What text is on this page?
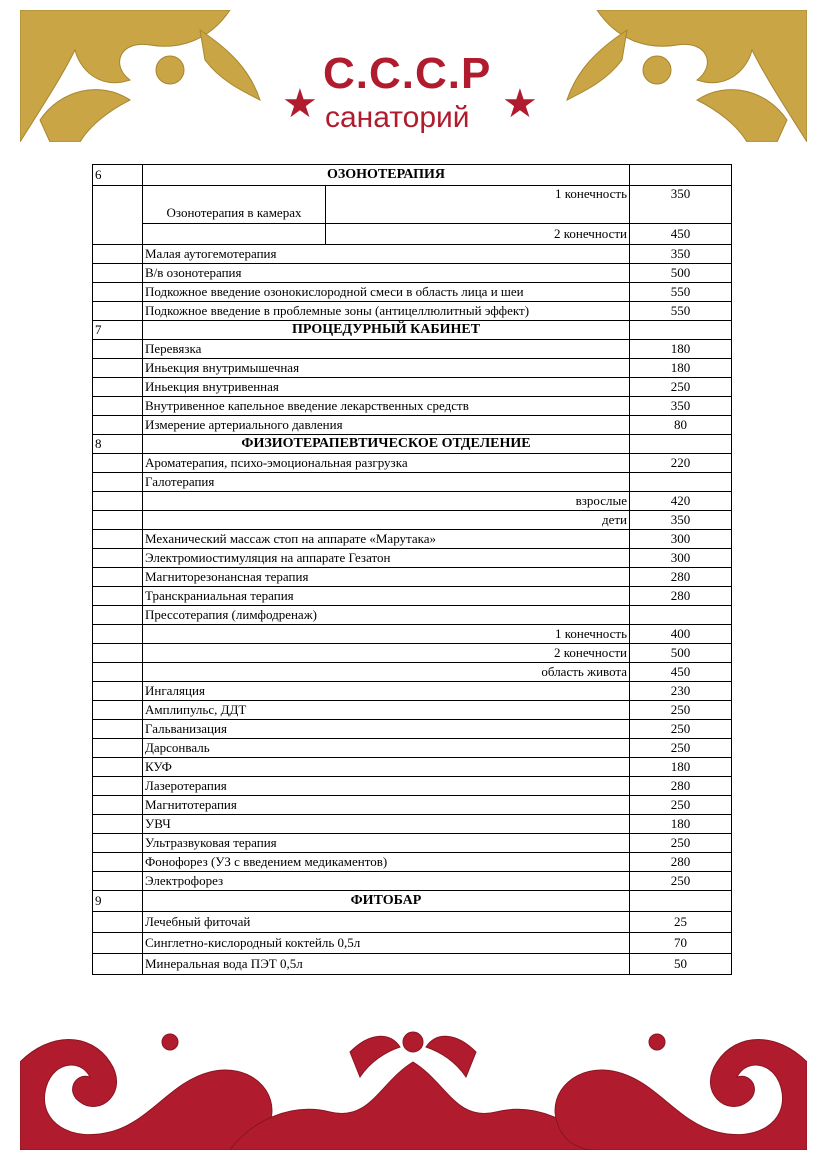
★
С.С.С.Р
★
санаторий
6	ОЗОНОТЕРАПИЯ		
	Озонотерапия в камерах	1 конечность	350
		2 конечности	450
	Малая аутогемотерапия		350
	В/в озонотерапия		500
	Подкожное введение озонокислородной смеси в область лица и шеи		550
	Подкожное введение в проблемные зоны (антицеллюлитный эффект)		550
7	ПРОЦЕДУРНЫЙ КАБИНЕТ		
	Перевязка		180
	Иньекция внутримышечная		180
	Иньекция внутривенная		250
	Внутривенное капельное введение лекарственных средств		350
	Измерение артериального давления		80
8	ФИЗИОТЕРАПЕВТИЧЕСКОЕ ОТДЕЛЕНИЕ		
	Ароматерапия, психо-эмоциональная разгрузка		220
	Галотерапия		
	взрослые		420
	дети		350
	Механический массаж стоп на аппарате «Марутака»		300
	Электромиостимуляция на аппарате Гезатон		300
	Магниторезонансная терапия		280
	Транскраниальная терапия		280
	Прессотерапия (лимфодренаж)		
	1 конечность		400
	2 конечности		500
	область живота		450
	Ингаляция		230
	Амплипульс, ДДТ		250
	Гальванизация		250
	Дарсонваль		250
	КУФ		180
	Лазеротерапия		280
	Магнитотерапия		250
	УВЧ		180
	Ультразвуковая терапия		250
	Фонофорез (УЗ с введением медикаментов)		280
	Электрофорез		250
9	ФИТОБАР		
	Лечебный фиточай		25
	Синглетно-кислородный коктейль 0,5л		70
	Минеральная вода ПЭТ 0,5л		50
